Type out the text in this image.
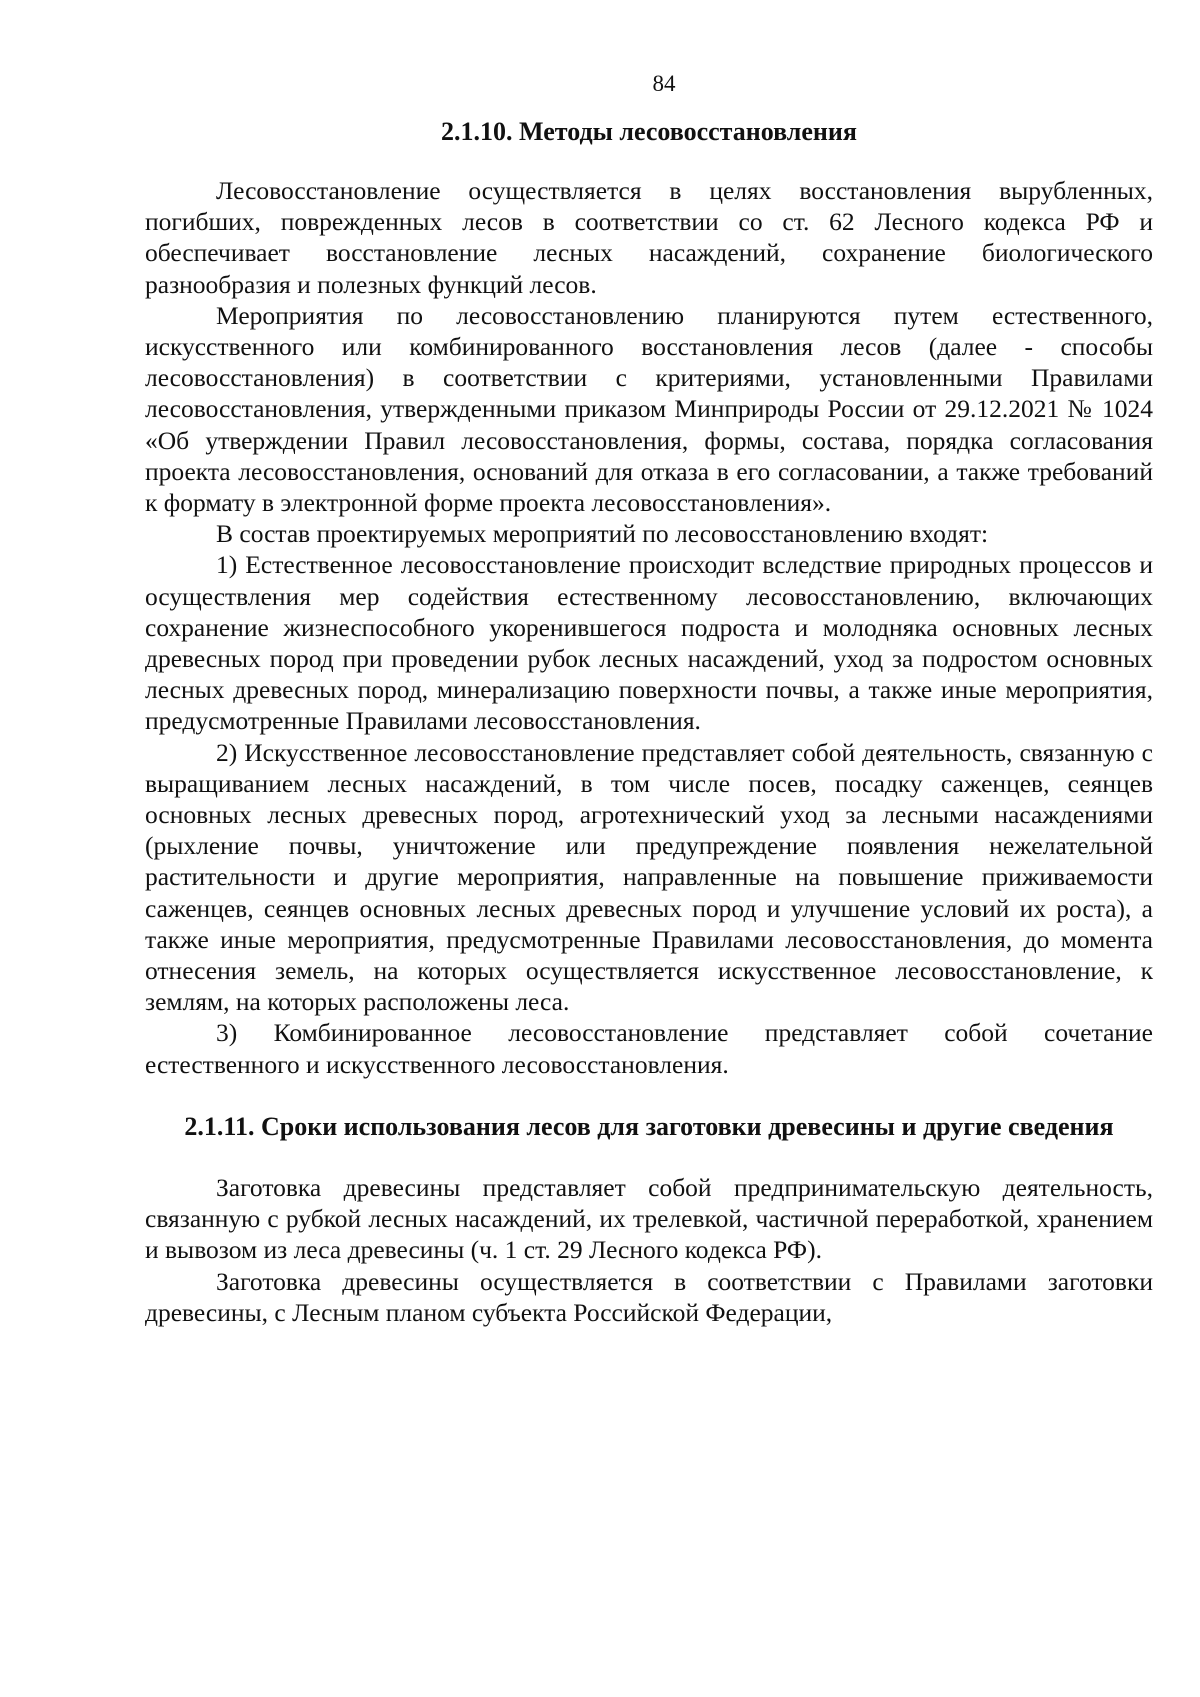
84
2.1.10. Методы лесовосстановления

Лесовосстановление осуществляется в целях восстановления вырубленных, погибших, поврежденных лесов в соответствии со ст. 62 Лесного кодекса РФ и обеспечивает восстановление лесных насаждений, сохранение биологического разнообразия и полезных функций лесов.

Мероприятия по лесовосстановлению планируются путем естественного, искусственного или комбинированного восстановления лесов (далее - способы лесовосстановления) в соответствии с критериями, установленными Правилами лесовосстановления, утвержденными приказом Минприроды России от 29.12.2021 № 1024 «Об утверждении Правил лесовосстановления, формы, состава, порядка согласования проекта лесовосстановления, оснований для отказа в его согласовании, а также требований к формату в электронной форме проекта лесовосстановления».

В состав проектируемых мероприятий по лесовосстановлению входят:

1) Естественное лесовосстановление происходит вследствие природных процессов и осуществления мер содействия естественному лесовосстановлению, включающих сохранение жизнеспособного укоренившегося подроста и молодняка основных лесных древесных пород при проведении рубок лесных насаждений, уход за подростом основных лесных древесных пород, минерализацию поверхности почвы, а также иные мероприятия, предусмотренные Правилами лесовосстановления.

2) Искусственное лесовосстановление представляет собой деятельность, связанную с выращиванием лесных насаждений, в том числе посев, посадку саженцев, сеянцев основных лесных древесных пород, агротехнический уход за лесными насаждениями (рыхление почвы, уничтожение или предупреждение появления нежелательной растительности и другие мероприятия, направленные на повышение приживаемости саженцев, сеянцев основных лесных древесных пород и улучшение условий их роста), а также иные мероприятия, предусмотренные Правилами лесовосстановления, до момента отнесения земель, на которых осуществляется искусственное лесовосстановление, к землям, на которых расположены леса.

3) Комбинированное лесовосстановление представляет собой сочетание естественного и искусственного лесовосстановления.

2.1.11. Сроки использования лесов для заготовки древесины и другие сведения

Заготовка древесины представляет собой предпринимательскую деятельность, связанную с рубкой лесных насаждений, их трелевкой, частичной переработкой, хранением и вывозом из леса древесины (ч. 1 ст. 29 Лесного кодекса РФ).

Заготовка древесины осуществляется в соответствии с Правилами заготовки древесины, с Лесным планом субъекта Российской Федерации,
